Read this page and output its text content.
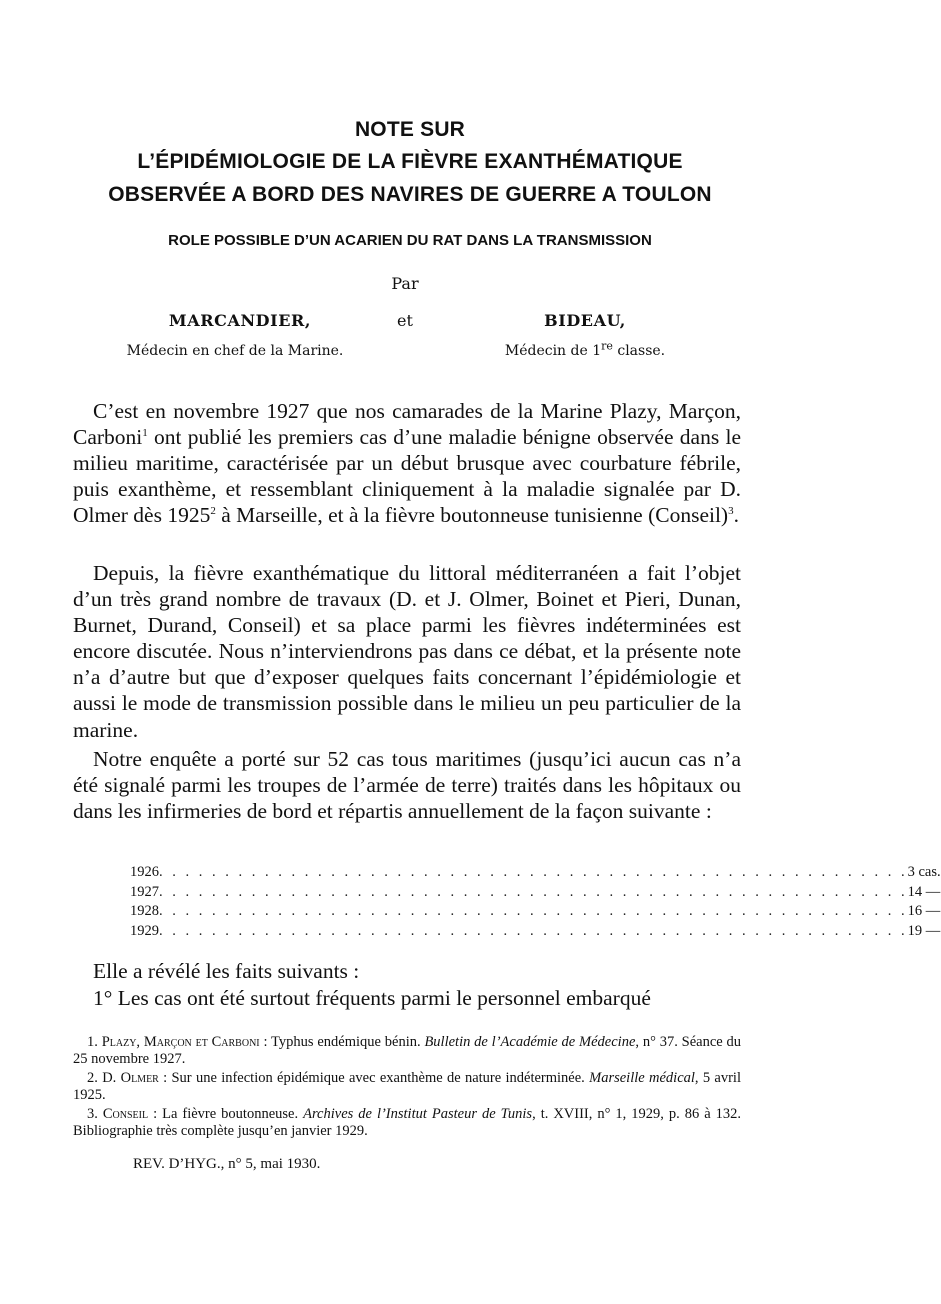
NOTE SUR
L’ÉPIDÉMIOLOGIE DE LA FIÈVRE EXANTHÉMATIQUE
OBSERVÉE A BORD DES NAVIRES DE GUERRE A TOULON
ROLE POSSIBLE D’UN ACARIEN DU RAT DANS LA TRANSMISSION
Par
MARCANDIER,	et	BIDEAU,
Médecin en chef de la Marine.	Médecin de 1re classe.

C’est en novembre 1927 que nos camarades de la Marine Plazy, Marçon, Carboni$^1$ ont publié les premiers cas d’une maladie bénigne observée dans le milieu maritime, caractérisée par un début brusque avec courbature fébrile, puis exanthème, et ressemblant cliniquement à la maladie signalée par D. Olmer dès 1925$^2$ à Marseille, et à la fièvre boutonneuse tunisienne (Conseil)$^3$.

Depuis, la fièvre exanthématique du littoral méditerranéen a fait l’objet d’un très grand nombre de travaux (D. et J. Olmer, Boinet et Pieri, Dunan, Burnet, Durand, Conseil) et sa place parmi les fièvres indéterminées est encore discutée. Nous n’interviendrons pas dans ce débat, et la présente note n’a d’autre but que d’exposer quelques faits concernant l’épidémiologie et aussi le mode de transmission possible dans le milieu un peu particulier de la marine.

Notre enquête a porté sur 52 cas tous maritimes (jusqu’ici aucun cas n’a été signalé parmi les troupes de l’armée de terre) traités dans les hôpitaux ou dans les infirmeries de bord et répartis annuellement de la façon suivante :

1926 . . . . . . . . . . . . . . . . . . . . . . . . . . . . . . . . . . . . . . . . . . . . . . . . . . . . . . . . . 3 cas.
1927 . . . . . . . . . . . . . . . . . . . . . . . . . . . . . . . . . . . . . . . . . . . . . . . . . . . . . . . . . 14 —
1928 . . . . . . . . . . . . . . . . . . . . . . . . . . . . . . . . . . . . . . . . . . . . . . . . . . . . . . . . . 16 —
1929 . . . . . . . . . . . . . . . . . . . . . . . . . . . . . . . . . . . . . . . . . . . . . . . . . . . . . . . . . 19 —

Elle a révélé les faits suivants :

1° Les cas ont été surtout fréquents parmi le personnel embarqué

1. Plazy, Marçon et Carboni : Typhus endémique bénin. Bulletin de l’Académie de Médecine, n° 37. Séance du 25 novembre 1927.

2. D. Olmer : Sur une infection épidémique avec exanthème de nature indéterminée. Marseille médical, 5 avril 1925.

3. Conseil : La fièvre boutonneuse. Archives de l’Institut Pasteur de Tunis, t. XVIII, n° 1, 1929, p. 86 à 132. Bibliographie très complète jusqu’en janvier 1929.

REV. D’HYG., n° 5, mai 1930.
